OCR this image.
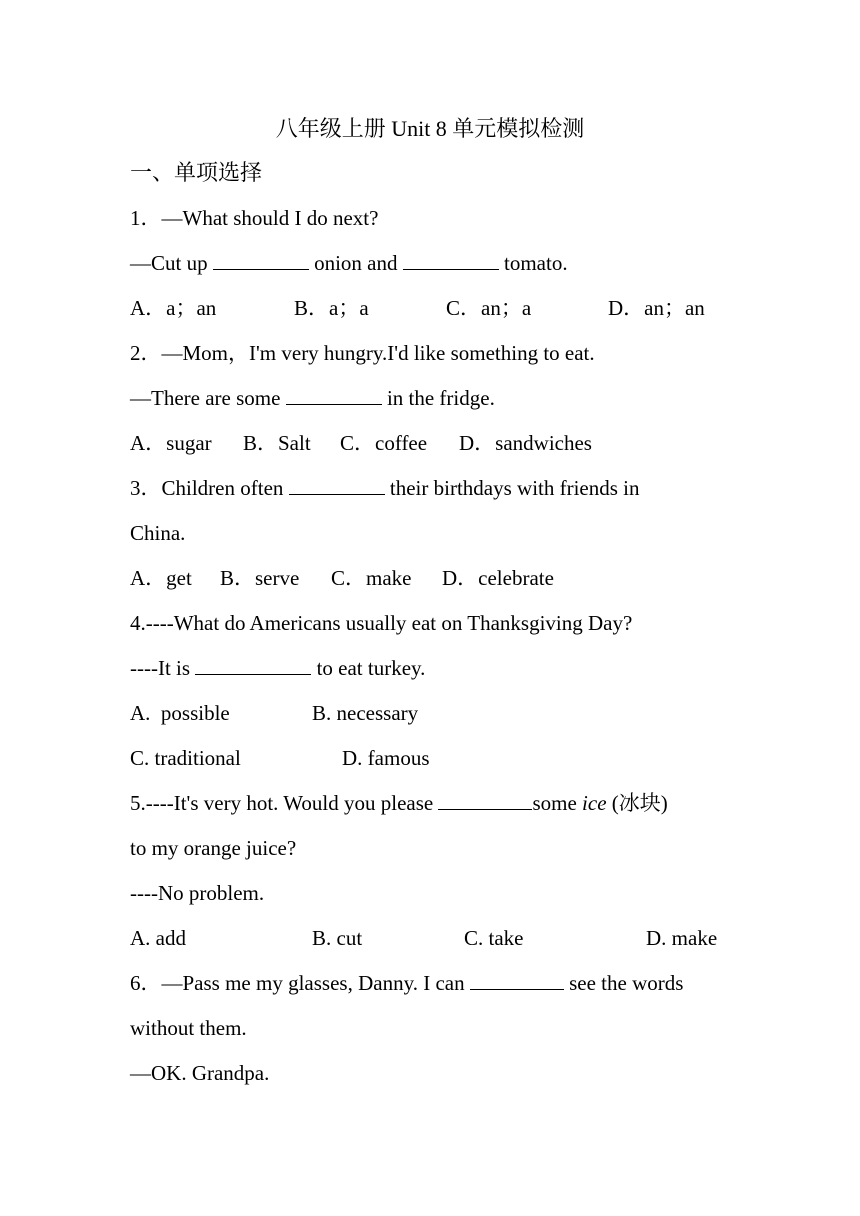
八年级上册 Unit 8 单元模拟检测
一、单项选择
1．—What should I do next?
—Cut up	onion and	tomato.
A．a；an	B．a；a	C．an；a	D．an；an
2．—Mom，I'm very hungry.I'd like something to eat.
—There are some	in the fridge.
A．sugar B．Salt C．coffee D．sandwiches
3．Children often	their birthdays with friends in
China.
A．get B．serve C．make D．celebrate
4.----What do Americans usually eat on Thanksgiving Day?
----It is	to eat turkey.
A.  possible	B. necessary
C. traditional	D. famous
5.----It's very hot. Would you please	some ice (冰块)
to my orange juice?
----No problem.
A. add	B. cut	C. take	D. make
6．—Pass me my glasses, Danny. I can	see the words
without them.
—OK. Grandpa.
